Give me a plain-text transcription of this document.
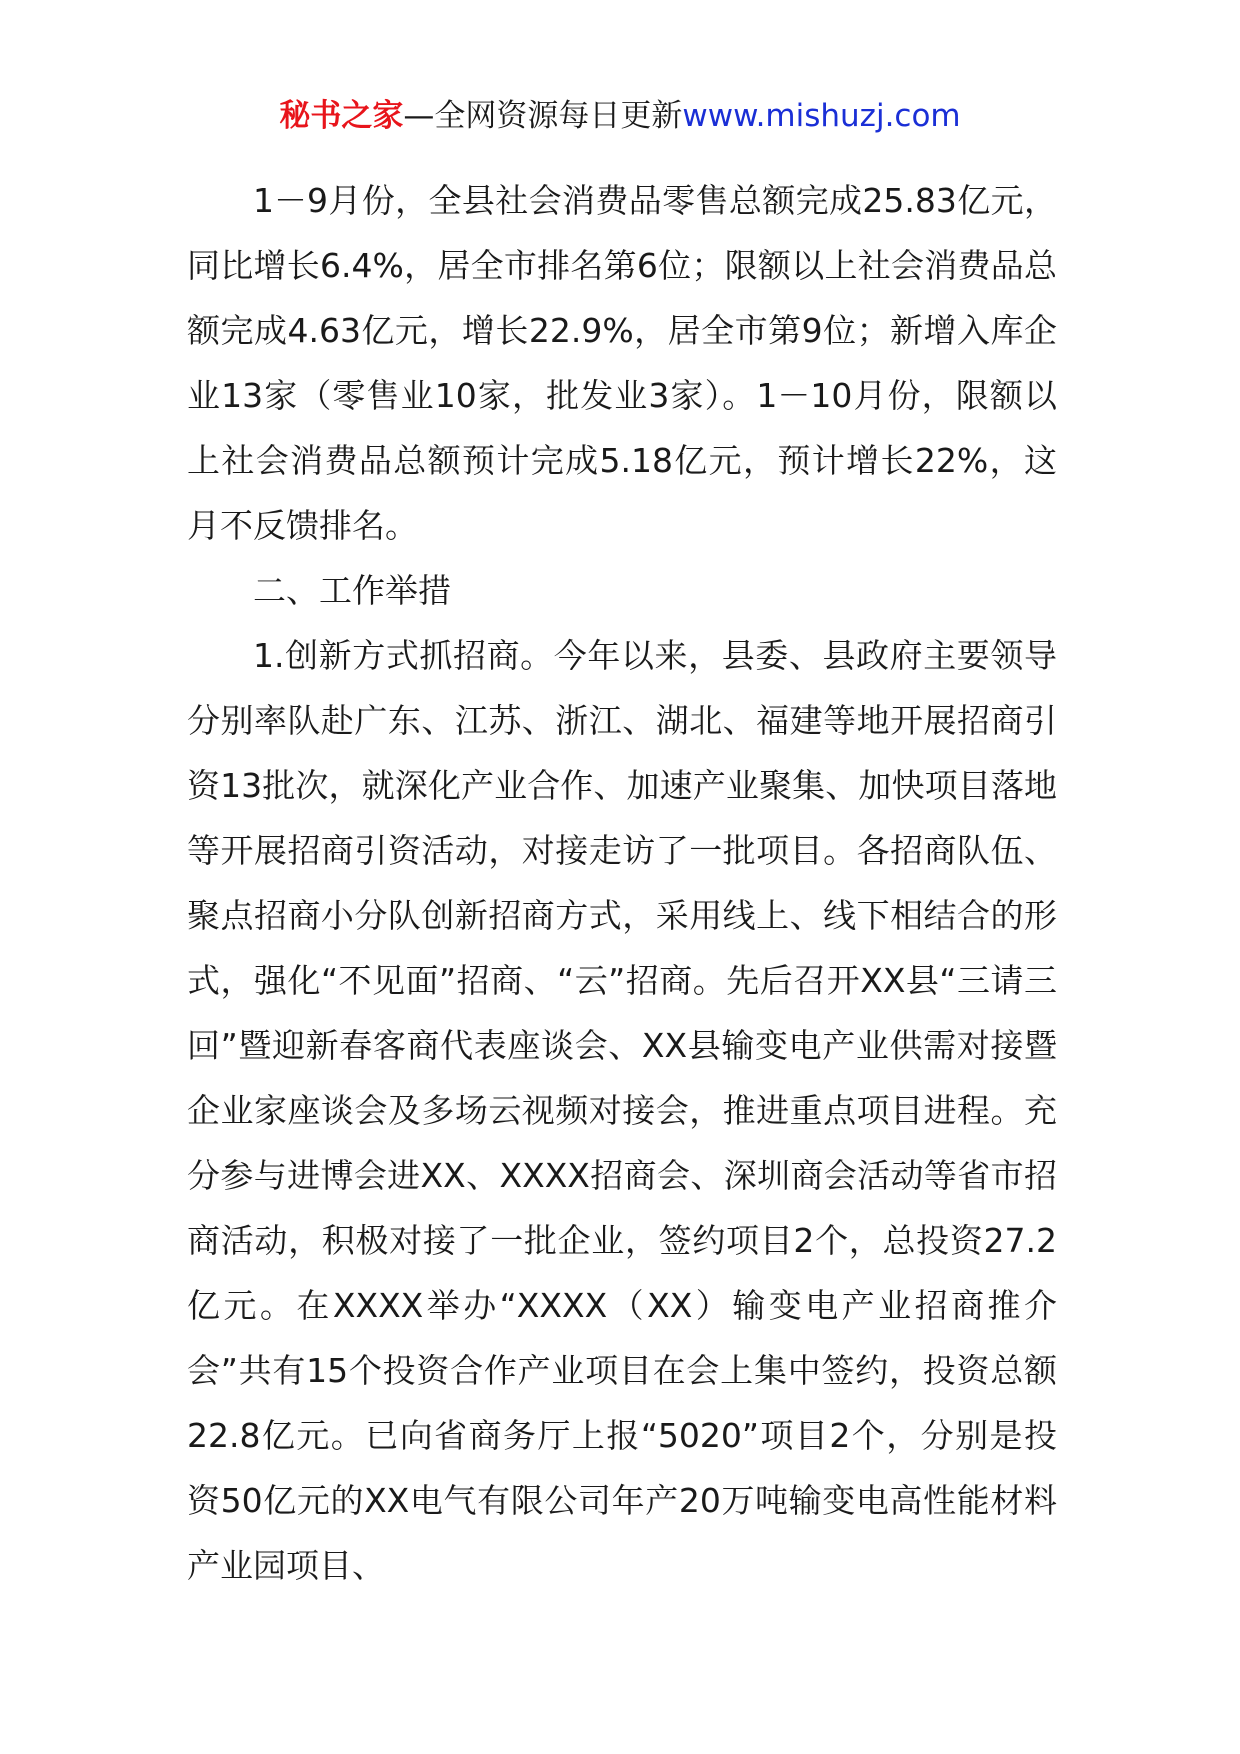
秘书之家—全网资源每日更新www.mishuzj.com

1－9月份，全县社会消费品零售总额完成25.83亿元，同比增长6.4%，居全市排名第6位；限额以上社会消费品总额完成4.63亿元，增长22.9%，居全市第9位；新增入库企业13家（零售业10家，批发业3家）。1－10月份，限额以上社会消费品总额预计完成5.18亿元，预计增长22%，这月不反馈排名。

二、工作举措

1.创新方式抓招商。今年以来，县委、县政府主要领导分别率队赴广东、江苏、浙江、湖北、福建等地开展招商引资13批次，就深化产业合作、加速产业聚集、加快项目落地等开展招商引资活动，对接走访了一批项目。各招商队伍、聚点招商小分队创新招商方式，采用线上、线下相结合的形式，强化“不见面”招商、“云”招商。先后召开XX县“三请三回”暨迎新春客商代表座谈会、XX县输变电产业供需对接暨企业家座谈会及多场云视频对接会，推进重点项目进程。充分参与进博会进XX、XXXX招商会、深圳商会活动等省市招商活动，积极对接了一批企业，签约项目2个，总投资27.2亿元。在XXXX举办“XXXX（XX）输变电产业招商推介会”共有15个投资合作产业项目在会上集中签约，投资总额22.8亿元。已向省商务厅上报“5020”项目2个，分别是投资50亿元的XX电气有限公司年产20万吨输变电高性能材料产业园项目、
